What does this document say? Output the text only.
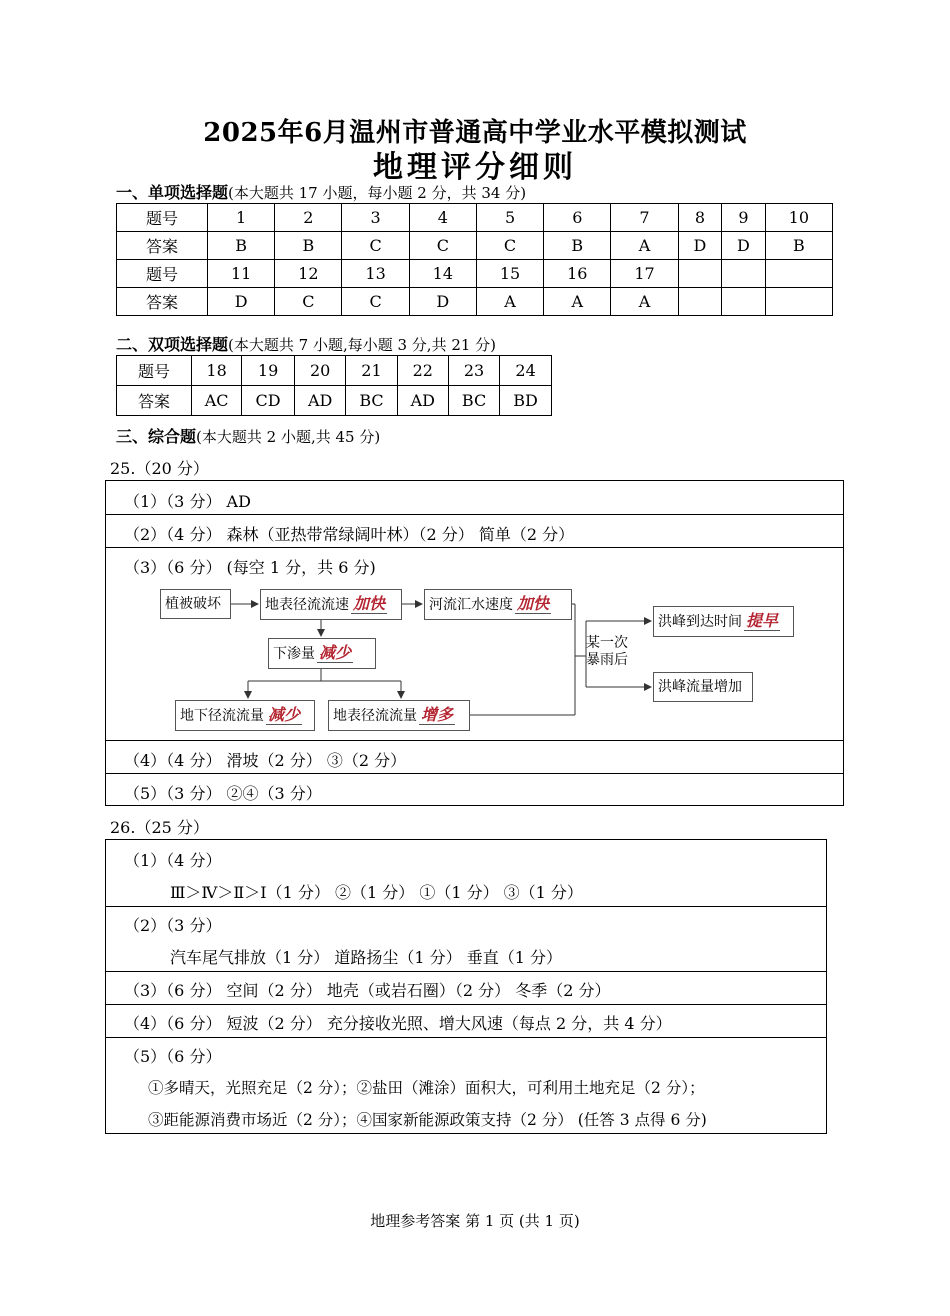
2025年6月温州市普通高中学业水平模拟测试
地理评分细则
一、单项选择题(本大题共 17 小题，每小题 2 分，共 34 分)
题号	1	2	3	4	5	6	7	8	9	10
答案	B	B	C	C	C	B	A	D	D	B
题号	11	12	13	14	15	16	17			
答案	D	C	C	D	A	A	A			
二、双项选择题(本大题共 7 小题,每小题 3 分,共 21 分)
题号	18	19	20	21	22	23	24
答案	AC	CD	AD	BC	AD	BC	BD
三、综合题(本大题共 2 小题,共 45 分)
25.（20 分）
（1）（3 分） AD
（2）（4 分） 森林（亚热带常绿阔叶林）（2 分） 简单（2 分）
（3）（6 分） (每空 1 分，共 6 分)
植被破坏	地表径流流速 加快	河流汇水速度 加快
下渗量 减少
地下径流流量 减少	地表径流流量 增多
某一次
暴雨后
洪峰到达时间 提早
洪峰流量增加
（4）（4 分） 滑坡（2 分） ③（2 分）
（5）（3 分） ②④（3 分）
26.（25 分）
（1）（4 分）
Ⅲ＞Ⅳ＞Ⅱ＞Ⅰ（1 分） ②（1 分） ①（1 分） ③（1 分）
（2）（3 分）
汽车尾气排放（1 分） 道路扬尘（1 分） 垂直（1 分）
（3）（6 分） 空间（2 分） 地壳（或岩石圈）（2 分） 冬季（2 分）
（4）（6 分） 短波（2 分） 充分接收光照、增大风速（每点 2 分，共 4 分）
（5）（6 分）
①多晴天，光照充足（2 分）；②盐田（滩涂）面积大，可利用土地充足（2 分）；
③距能源消费市场近（2 分）；④国家新能源政策支持（2 分） (任答 3 点得 6 分)
地理参考答案 第 1 页 (共 1 页)
